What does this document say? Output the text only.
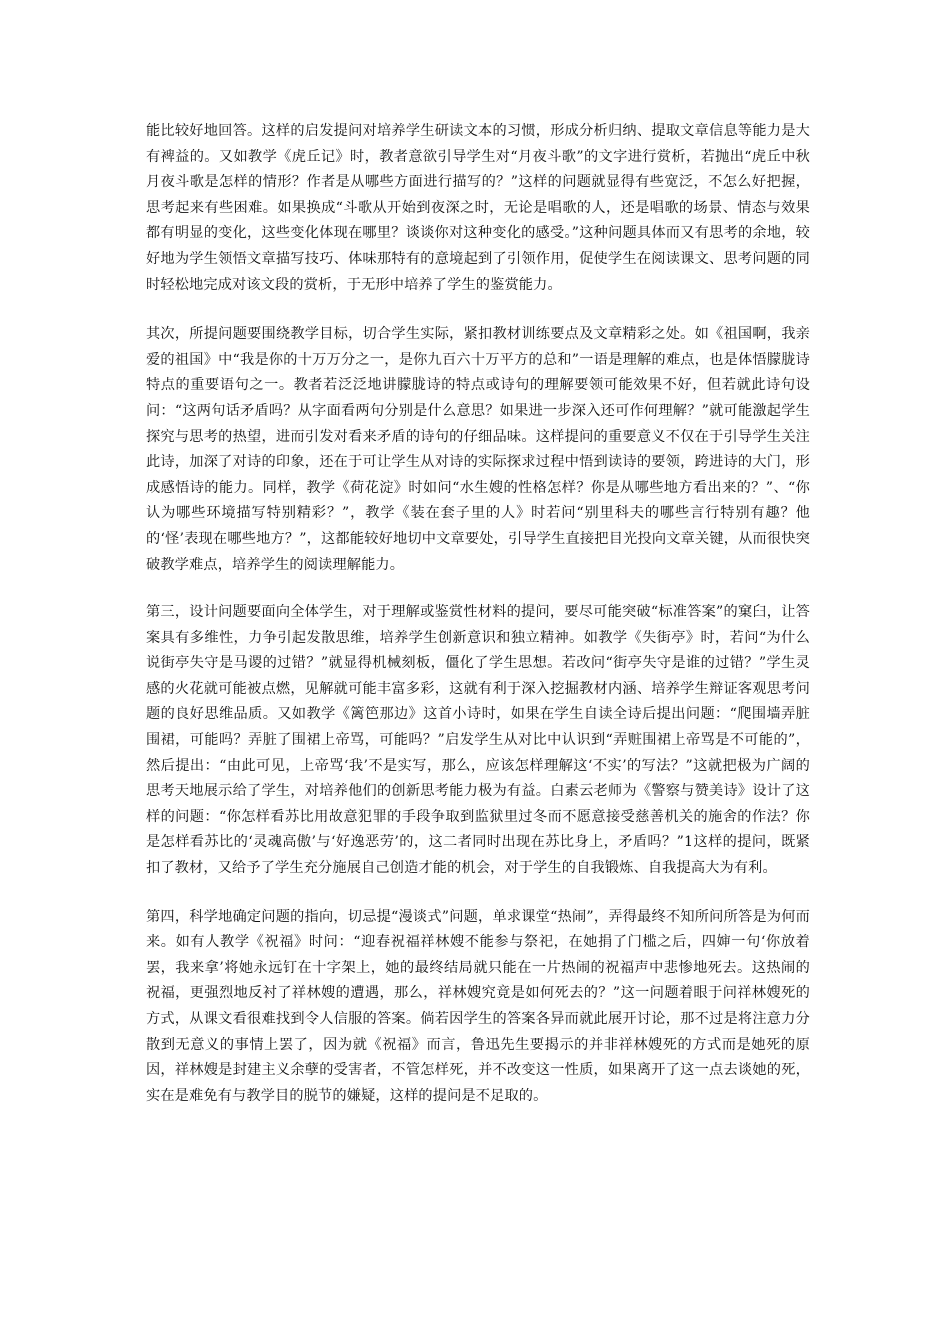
能比较好地回答。这样的启发提问对培养学生研读文本的习惯，形成分析归纳、提取文章信息等能力是大有裨益的。又如教学《虎丘记》时，教者意欲引导学生对“月夜斗歌”的文字进行赏析，若抛出“虎丘中秋月夜斗歌是怎样的情形？作者是从哪些方面进行描写的？”这样的问题就显得有些宽泛，不怎么好把握，思考起来有些困难。如果换成“斗歌从开始到夜深之时，无论是唱歌的人，还是唱歌的场景、情态与效果都有明显的变化，这些变化体现在哪里？谈谈你对这种变化的感受。”这种问题具体而又有思考的余地，较好地为学生领悟文章描写技巧、体味那特有的意境起到了引领作用，促使学生在阅读课文、思考问题的同时轻松地完成对该文段的赏析，于无形中培养了学生的鉴赏能力。

其次，所提问题要围绕教学目标，切合学生实际，紧扣教材训练要点及文章精彩之处。如《祖国啊，我亲爱的祖国》中“我是你的十万万分之一，是你九百六十万平方的总和”一语是理解的难点，也是体悟朦胧诗特点的重要语句之一。教者若泛泛地讲朦胧诗的特点或诗句的理解要领可能效果不好，但若就此诗句设问：“这两句话矛盾吗？从字面看两句分别是什么意思？如果进一步深入还可作何理解？”就可能激起学生探究与思考的热望，进而引发对看来矛盾的诗句的仔细品味。这样提问的重要意义不仅在于引导学生关注此诗，加深了对诗的印象，还在于可让学生从对诗的实际探求过程中悟到读诗的要领，跨进诗的大门，形成感悟诗的能力。同样，教学《荷花淀》时如问“水生嫂的性格怎样？你是从哪些地方看出来的？”、“你认为哪些环境描写特别精彩？”，教学《装在套子里的人》时若问“别里科夫的哪些言行特别有趣？他的‘怪’表现在哪些地方？”，这都能较好地切中文章要处，引导学生直接把目光投向文章关键，从而很快突破教学难点，培养学生的阅读理解能力。

第三，设计问题要面向全体学生，对于理解或鉴赏性材料的提问，要尽可能突破“标准答案”的窠臼，让答案具有多维性，力争引起发散思维，培养学生创新意识和独立精神。如教学《失街亭》时，若问“为什么说街亭失守是马谡的过错？”就显得机械刻板，僵化了学生思想。若改问“街亭失守是谁的过错？”学生灵感的火花就可能被点燃，见解就可能丰富多彩，这就有利于深入挖掘教材内涵、培养学生辩证客观思考问题的良好思维品质。又如教学《篱笆那边》这首小诗时，如果在学生自读全诗后提出问题：“爬围墙弄脏围裙，可能吗？弄脏了围裙上帝骂，可能吗？”启发学生从对比中认识到“弄赃围裙上帝骂是不可能的”，然后提出：“由此可见，上帝骂‘我’不是实写，那么，应该怎样理解这‘不实’的写法？”这就把极为广阔的思考天地展示给了学生，对培养他们的创新思考能力极为有益。白素云老师为《警察与赞美诗》设计了这样的问题：“你怎样看苏比用故意犯罪的手段争取到监狱里过冬而不愿意接受慈善机关的施舍的作法？你是怎样看苏比的‘灵魂高傲’与‘好逸恶劳’的，这二者同时出现在苏比身上，矛盾吗？”1这样的提问，既紧扣了教材，又给予了学生充分施展自己创造才能的机会，对于学生的自我锻炼、自我提高大为有利。

第四，科学地确定问题的指向，切忌提“漫谈式”问题，单求课堂“热闹”，弄得最终不知所问所答是为何而来。如有人教学《祝福》时问：“迎春祝福祥林嫂不能参与祭祀，在她捐了门槛之后，四婶一句‘你放着罢，我来拿’将她永远钉在十字架上，她的最终结局就只能在一片热闹的祝福声中悲惨地死去。这热闹的祝福，更强烈地反衬了祥林嫂的遭遇，那么，祥林嫂究竟是如何死去的？”这一问题着眼于问祥林嫂死的方式，从课文看很难找到令人信服的答案。倘若因学生的答案各异而就此展开讨论，那不过是将注意力分散到无意义的事情上罢了，因为就《祝福》而言，鲁迅先生要揭示的并非祥林嫂死的方式而是她死的原因，祥林嫂是封建主义余孽的受害者，不管怎样死，并不改变这一性质，如果离开了这一点去谈她的死，实在是难免有与教学目的脱节的嫌疑，这样的提问是不足取的。
